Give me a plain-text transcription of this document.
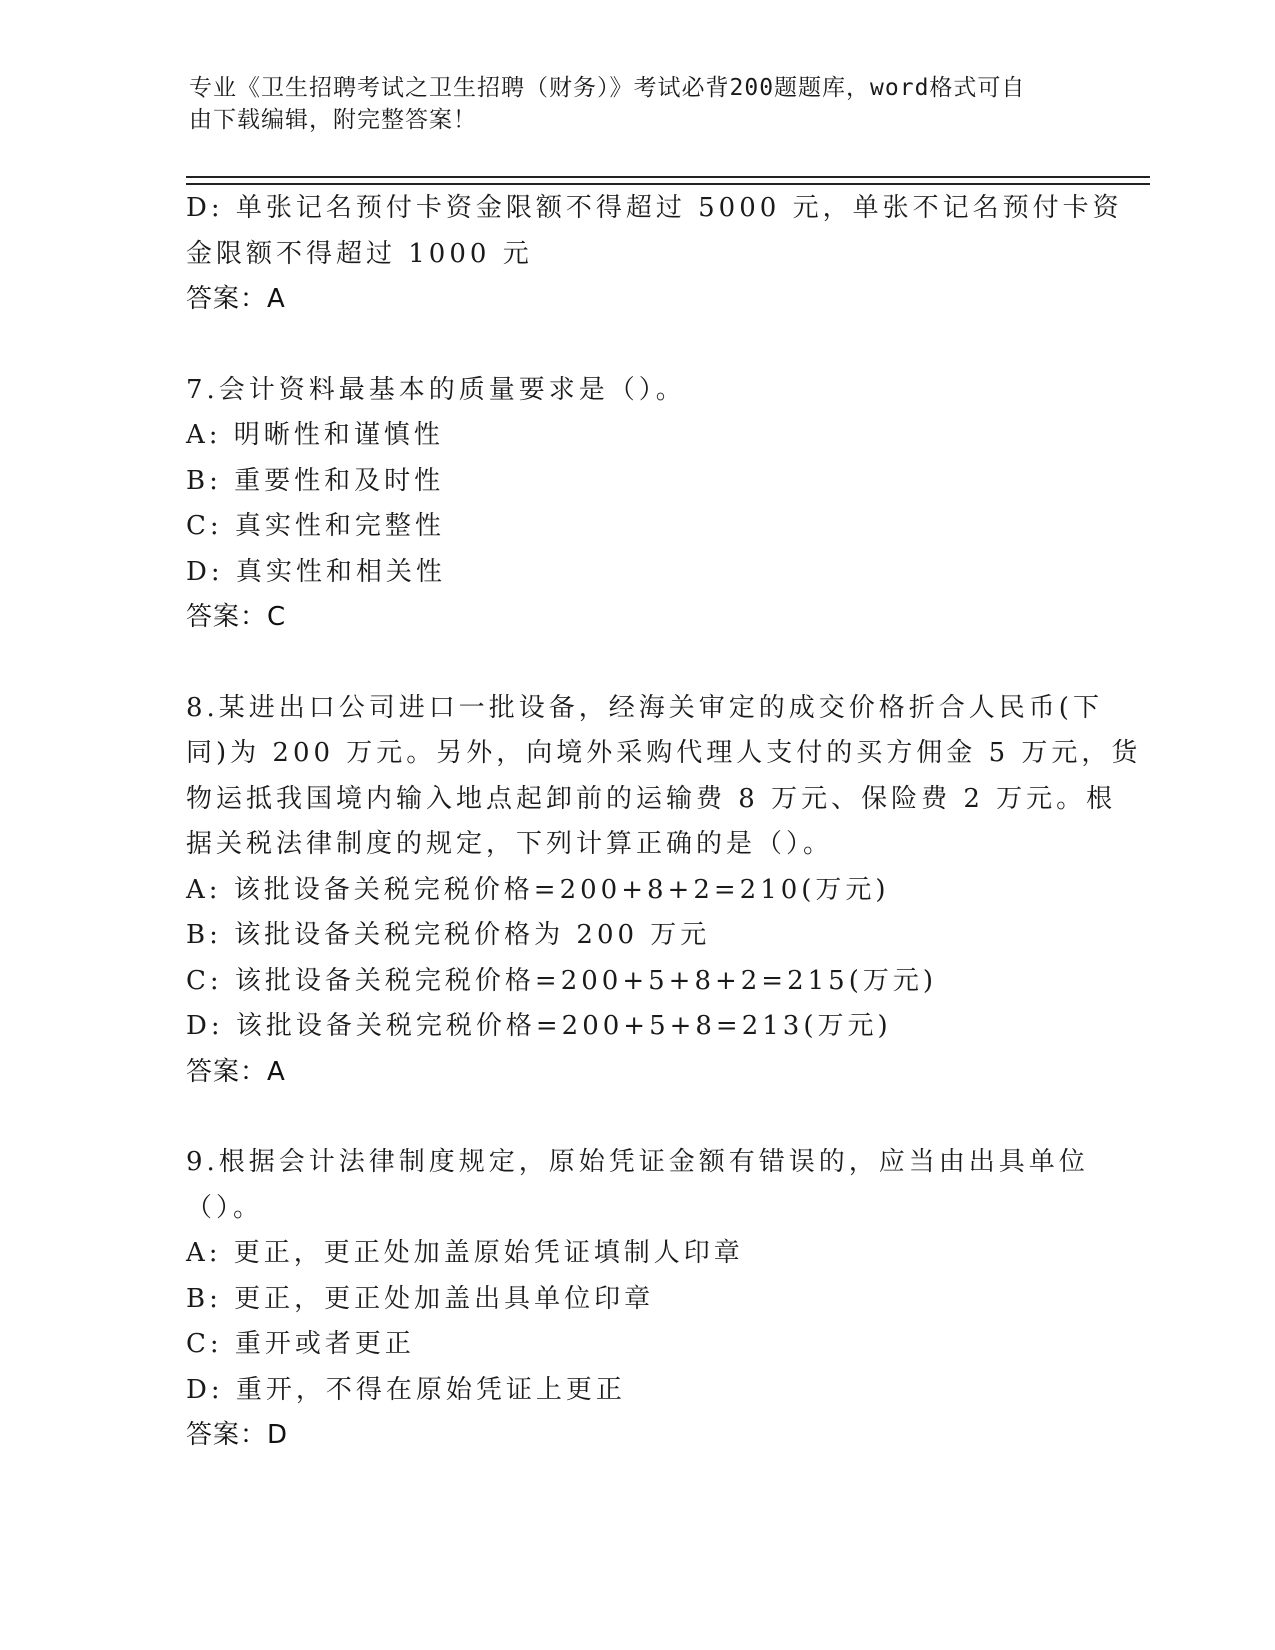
专业《卫生招聘考试之卫生招聘（财务）》考试必背200题题库，word格式可自
由下载编辑，附完整答案！
D: 单张记名预付卡资金限额不得超过 5000 元，单张不记名预付卡资
金限额不得超过 1000 元
答案：A
7.会计资料最基本的质量要求是（）。
A: 明晰性和谨慎性
B: 重要性和及时性
C: 真实性和完整性
D: 真实性和相关性
答案：C
8.某进出口公司进口一批设备，经海关审定的成交价格折合人民币(下
同)为 200 万元。另外，向境外采购代理人支付的买方佣金 5 万元，货
物运抵我国境内输入地点起卸前的运输费 8 万元、保险费 2 万元。根
据关税法律制度的规定，下列计算正确的是（）。
A: 该批设备关税完税价格=200+8+2=210(万元)
B: 该批设备关税完税价格为 200 万元
C: 该批设备关税完税价格=200+5+8+2=215(万元)
D: 该批设备关税完税价格=200+5+8=213(万元)
答案：A
9.根据会计法律制度规定，原始凭证金额有错误的，应当由出具单位
（）。
A: 更正，更正处加盖原始凭证填制人印章
B: 更正，更正处加盖出具单位印章
C: 重开或者更正
D: 重开，不得在原始凭证上更正
答案：D
